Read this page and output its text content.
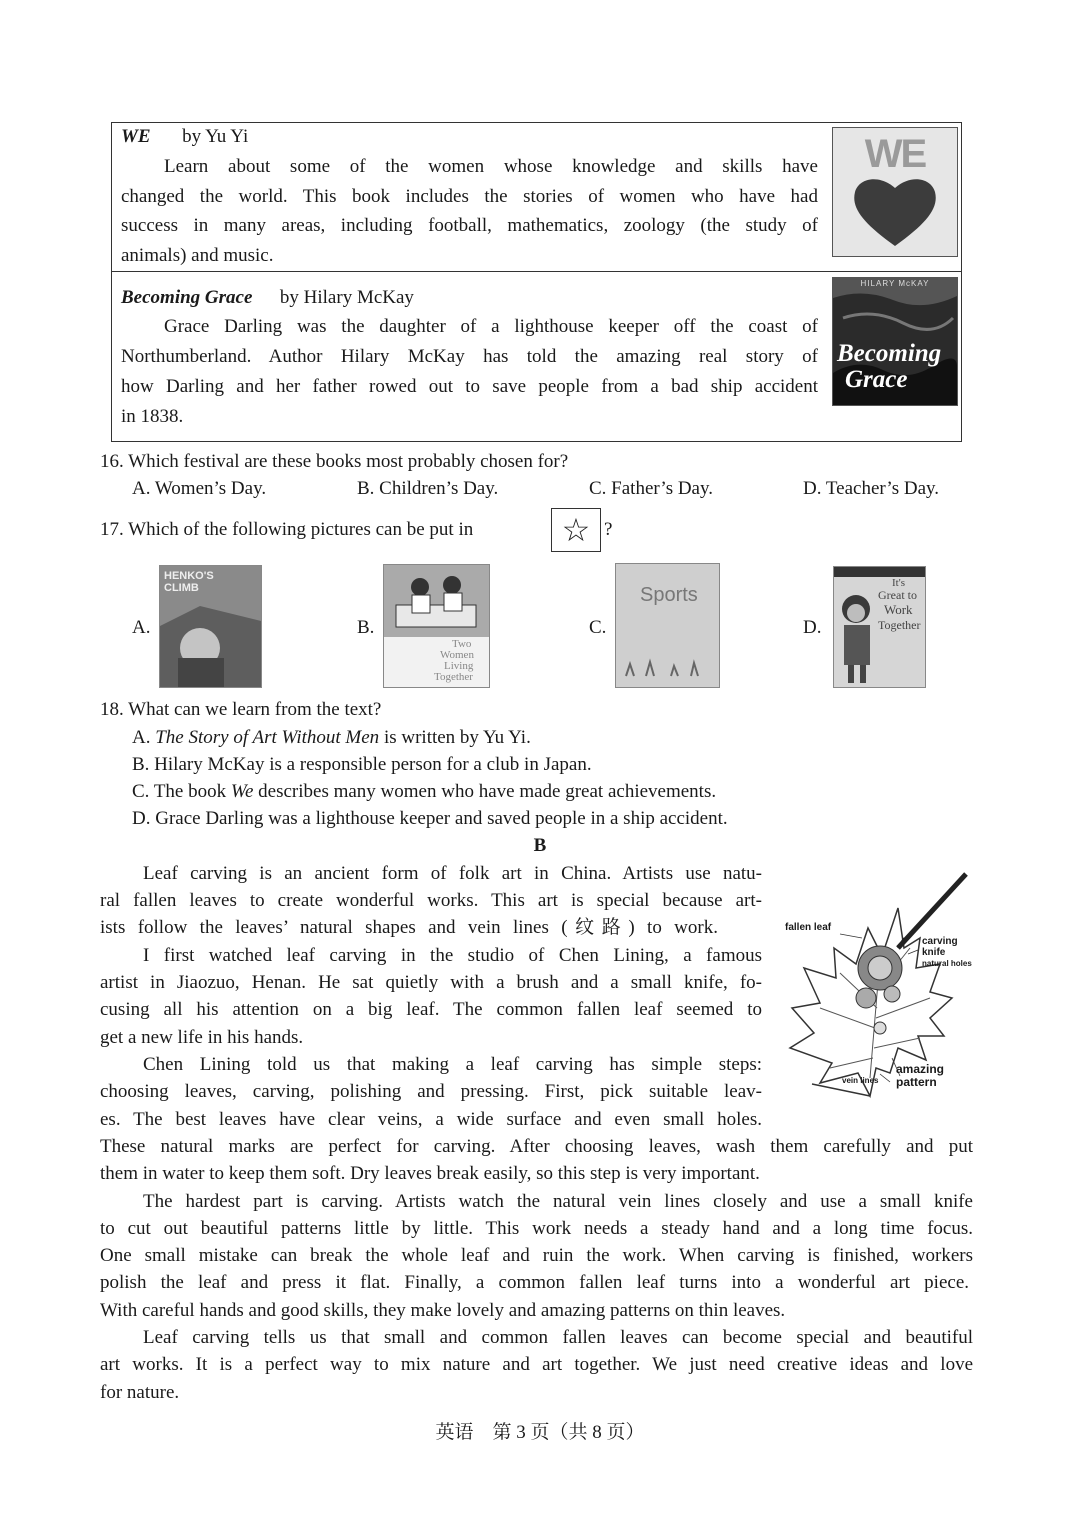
WE by Yu Yi
Learn about some of the women whose knowledge and skills have
changed the world. This book includes the stories of women who have had
success in many areas, including football, mathematics, zoology (the study of
animals) and music.
WE
Becoming Grace by Hilary McKay
Grace Darling was the daughter of a lighthouse keeper off the coast of
Northumberland. Author Hilary McKay has told the amazing real story of
how Darling and her father rowed out to save people from a bad ship accident
in 1838.
HILARY McKAY
Becoming
Grace
16. Which festival are these books most probably chosen for?
A. Women’s Day.	B. Children’s Day.	C. Father’s Day.	D. Teacher’s Day.
17. Which of the following pictures can be put in	☆ ?
A.	B.	C.	D.
HENKO'S CLIMB
Two
Women
Living
Together
Sports
It's
Great to
Work
Together
18. What can we learn from the text?
A. The Story of Art Without Men is written by Yu Yi.
B. Hilary McKay is a responsible person for a club in Japan.
C. The book We describes many women who have made great achievements.
D. Grace Darling was a lighthouse keeper and saved people in a ship accident.
B
Leaf carving is an ancient form of folk art in China. Artists use natu-
ral fallen leaves to create wonderful works. This art is special because art-
ists follow the leaves’ natural shapes and vein lines (纹路) to work.
I first watched leaf carving in the studio of Chen Lining, a famous
artist in Jiaozuo, Henan. He sat quietly with a brush and a small knife, fo-
cusing all his attention on a big leaf. The common fallen leaf seemed to
get a new life in his hands.
Chen Lining told us that making a leaf carving has simple steps:
choosing leaves, carving, polishing and pressing. First, pick suitable leav-
es. The best leaves have clear veins, a wide surface and even small holes.
These natural marks are perfect for carving. After choosing leaves, wash them carefully and put
them in water to keep them soft. Dry leaves break easily, so this step is very important.
The hardest part is carving. Artists watch the natural vein lines closely and use a small knife
to cut out beautiful patterns little by little. This work needs a steady hand and a long time focus.
One small mistake can break the whole leaf and ruin the work. When carving is finished, workers
polish the leaf and press it flat. Finally, a common fallen leaf turns into a wonderful art piece.
With careful hands and good skills, they make lovely and amazing patterns on thin leaves.
Leaf carving tells us that small and common fallen leaves can become special and beautiful
art works. It is a perfect way to mix nature and art together. We just need creative ideas and love
for nature.
fallen leaf
carving
knife
natural holes
vein lines
amazing
pattern
英语　第 3 页（共 8 页）
